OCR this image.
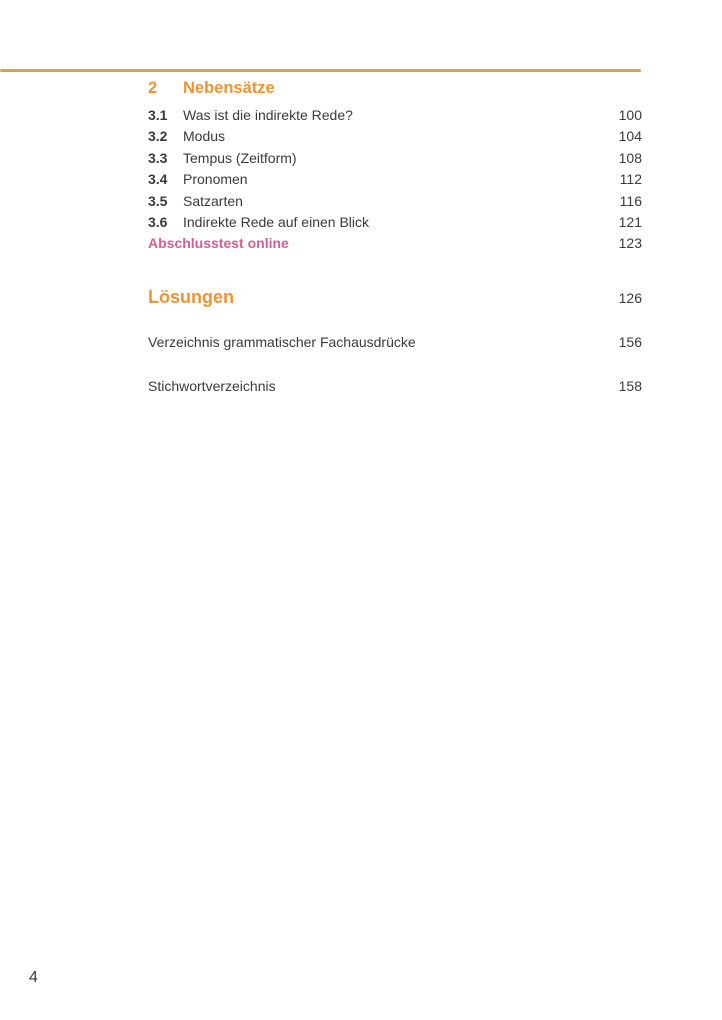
2	Nebensätze
3.1	Was ist die indirekte Rede?	100
3.2	Modus	104
3.3	Tempus (Zeitform)	108
3.4	Pronomen	112
3.5	Satzarten	116
3.6	Indirekte Rede auf einen Blick	121
Abschlusstest online	123
Lösungen	126
Verzeichnis grammatischer Fachausdrücke	156
Stichwortverzeichnis	158
4
